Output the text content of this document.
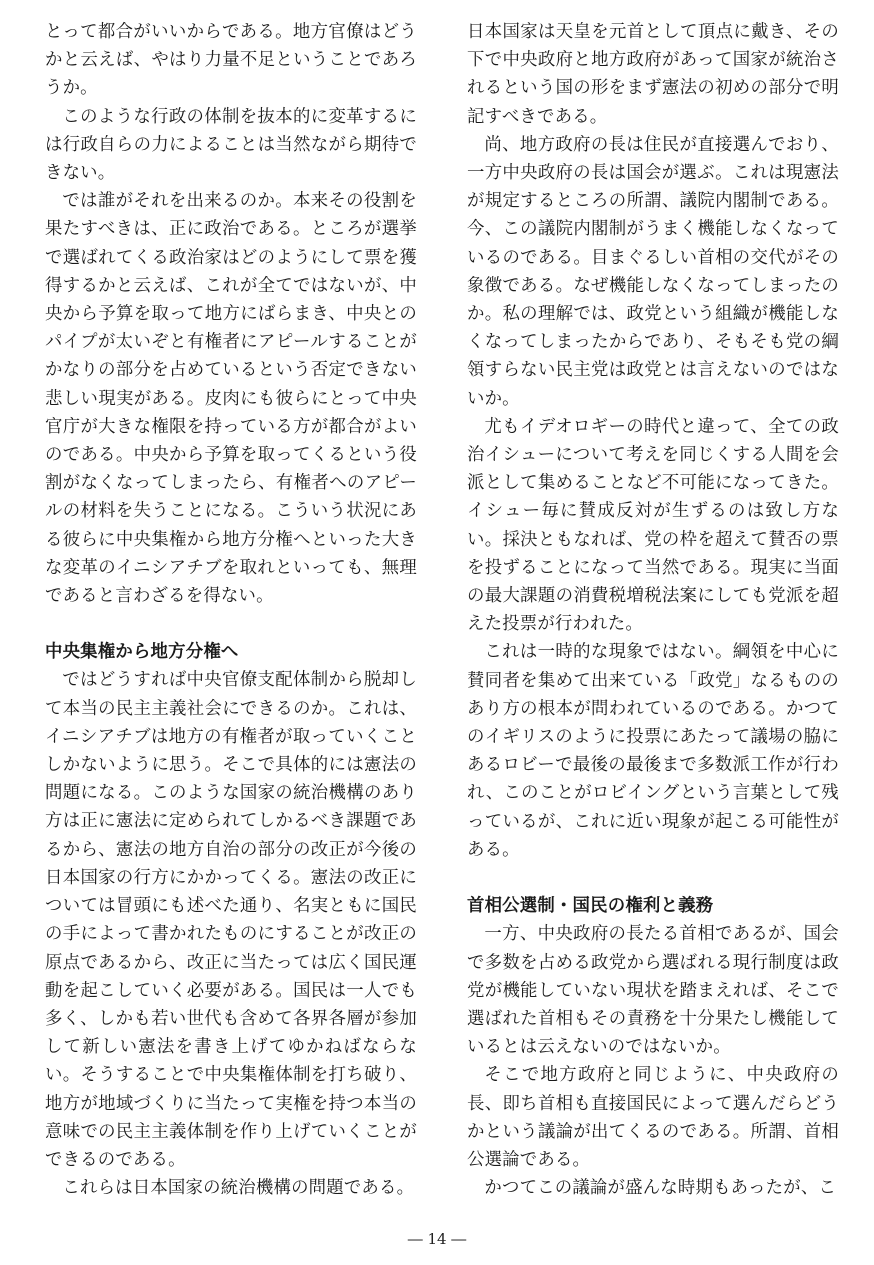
とって都合がいいからである。地方官僚はどうかと云えば、やはり力量不足ということであろうか。

このような行政の体制を抜本的に変革するには行政自らの力によることは当然ながら期待できない。

では誰がそれを出来るのか。本来その役割を果たすべきは、正に政治である。ところが選挙で選ばれてくる政治家はどのようにして票を獲得するかと云えば、これが全てではないが、中央から予算を取って地方にばらまき、中央とのパイプが太いぞと有権者にアピールすることがかなりの部分を占めているという否定できない悲しい現実がある。皮肉にも彼らにとって中央官庁が大きな権限を持っている方が都合がよいのである。中央から予算を取ってくるという役割がなくなってしまったら、有権者へのアピールの材料を失うことになる。こういう状況にある彼らに中央集権から地方分権へといった大きな変革のイニシアチブを取れといっても、無理であると言わざるを得ない。

中央集権から地方分権へ

ではどうすれば中央官僚支配体制から脱却して本当の民主主義社会にできるのか。これは、イニシアチブは地方の有権者が取っていくことしかないように思う。そこで具体的には憲法の問題になる。このような国家の統治機構のあり方は正に憲法に定められてしかるべき課題であるから、憲法の地方自治の部分の改正が今後の日本国家の行方にかかってくる。憲法の改正については冒頭にも述べた通り、名実ともに国民の手によって書かれたものにすることが改正の原点であるから、改正に当たっては広く国民運動を起こしていく必要がある。国民は一人でも多く、しかも若い世代も含めて各界各層が参加して新しい憲法を書き上げてゆかねばならない。そうすることで中央集権体制を打ち破り、地方が地域づくりに当たって実権を持つ本当の意味での民主主義体制を作り上げていくことができるのである。

これらは日本国家の統治機構の問題である。

日本国家は天皇を元首として頂点に戴き、その下で中央政府と地方政府があって国家が統治されるという国の形をまず憲法の初めの部分で明記すべきである。

尚、地方政府の長は住民が直接選んでおり、一方中央政府の長は国会が選ぶ。これは現憲法が規定するところの所謂、議院内閣制である。今、この議院内閣制がうまく機能しなくなっているのである。目まぐるしい首相の交代がその象徴である。なぜ機能しなくなってしまったのか。私の理解では、政党という組織が機能しなくなってしまったからであり、そもそも党の綱領すらない民主党は政党とは言えないのではないか。

尤もイデオロギーの時代と違って、全ての政治イシューについて考えを同じくする人間を会派として集めることなど不可能になってきた。イシュー毎に賛成反対が生ずるのは致し方ない。採決ともなれば、党の枠を超えて賛否の票を投ずることになって当然である。現実に当面の最大課題の消費税増税法案にしても党派を超えた投票が行われた。

これは一時的な現象ではない。綱領を中心に賛同者を集めて出来ている「政党」なるもののあり方の根本が問われているのである。かつてのイギリスのように投票にあたって議場の脇にあるロビーで最後の最後まで多数派工作が行われ、このことがロビイングという言葉として残っているが、これに近い現象が起こる可能性がある。

首相公選制・国民の権利と義務

一方、中央政府の長たる首相であるが、国会で多数を占める政党から選ばれる現行制度は政党が機能していない現状を踏まえれば、そこで選ばれた首相もその責務を十分果たし機能しているとは云えないのではないか。

そこで地方政府と同じように、中央政府の長、即ち首相も直接国民によって選んだらどうかという議論が出てくるのである。所謂、首相公選論である。

かつてこの議論が盛んな時期もあったが、こ

― 14 ―
